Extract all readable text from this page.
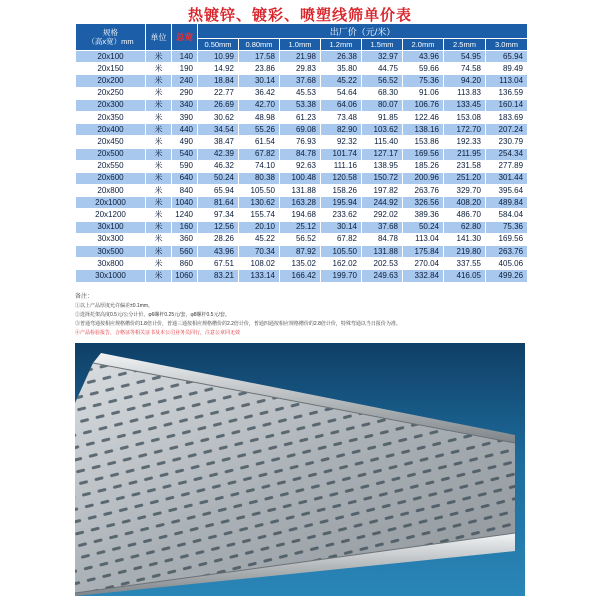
热镀锌、镀彩、喷塑线筛单价表
规格
（高x宽）mm	单位	总宽	出厂价（元/米）							
			0.50mm	0.80mm	1.0mm	1.2mm	1.5mm	2.0mm	2.5mm	3.0mm
20x100	米	140	10.99	17.58	21.98	26.38	32.97	43.96	54.95	65.94
20x150	米	190	14.92	23.86	29.83	35.80	44.75	59.66	74.58	89.49
20x200	米	240	18.84	30.14	37.68	45.22	56.52	75.36	94.20	113.04
20x250	米	290	22.77	36.42	45.53	54.64	68.30	91.06	113.83	136.59
20x300	米	340	26.69	42.70	53.38	64.06	80.07	106.76	133.45	160.14
20x350	米	390	30.62	48.98	61.23	73.48	91.85	122.46	153.08	183.69
20x400	米	440	34.54	55.26	69.08	82.90	103.62	138.16	172.70	207.24
20x450	米	490	38.47	61.54	76.93	92.32	115.40	153.86	192.33	230.79
20x500	米	540	42.39	67.82	84.78	101.74	127.17	169.56	211.95	254.34
20x550	米	590	46.32	74.10	92.63	111.16	138.95	185.26	231.58	277.89
20x600	米	640	50.24	80.38	100.48	120.58	150.72	200.96	251.20	301.44
20x800	米	840	65.94	105.50	131.88	158.26	197.82	263.76	329.70	395.64
20x1000	米	1040	81.64	130.62	163.28	195.94	244.92	326.56	408.20	489.84
20x1200	米	1240	97.34	155.74	194.68	233.62	292.02	389.36	486.70	584.04
30x100	米	160	12.56	20.10	25.12	30.14	37.68	50.24	62.80	75.36
30x300	米	360	28.26	45.22	56.52	67.82	84.78	113.04	141.30	169.56
30x500	米	560	43.96	70.34	87.92	105.50	131.88	175.84	219.80	263.76
30x800	米	860	67.51	108.02	135.02	162.02	202.53	270.04	337.55	405.06
30x1000	米	1060	83.21	133.14	166.42	199.70	249.63	332.84	416.05	499.26
备注：
①以上产品厚度允许偏差±0.1mm。
②选择托架高度0.5元/公分计价，φ6螺杆0.25元/套，φ8螺杆0.5元/套。
③普通弯通按相应规格槽价的1.8倍计价，普通三通按相应规格槽价的2.2倍计价，普通四通按相应规格槽价的2.8倍计价，特殊弯通以当日报价为准。
④产品检验报告，合格证等相关证书及本公司业务员同行，注意公章同无效
